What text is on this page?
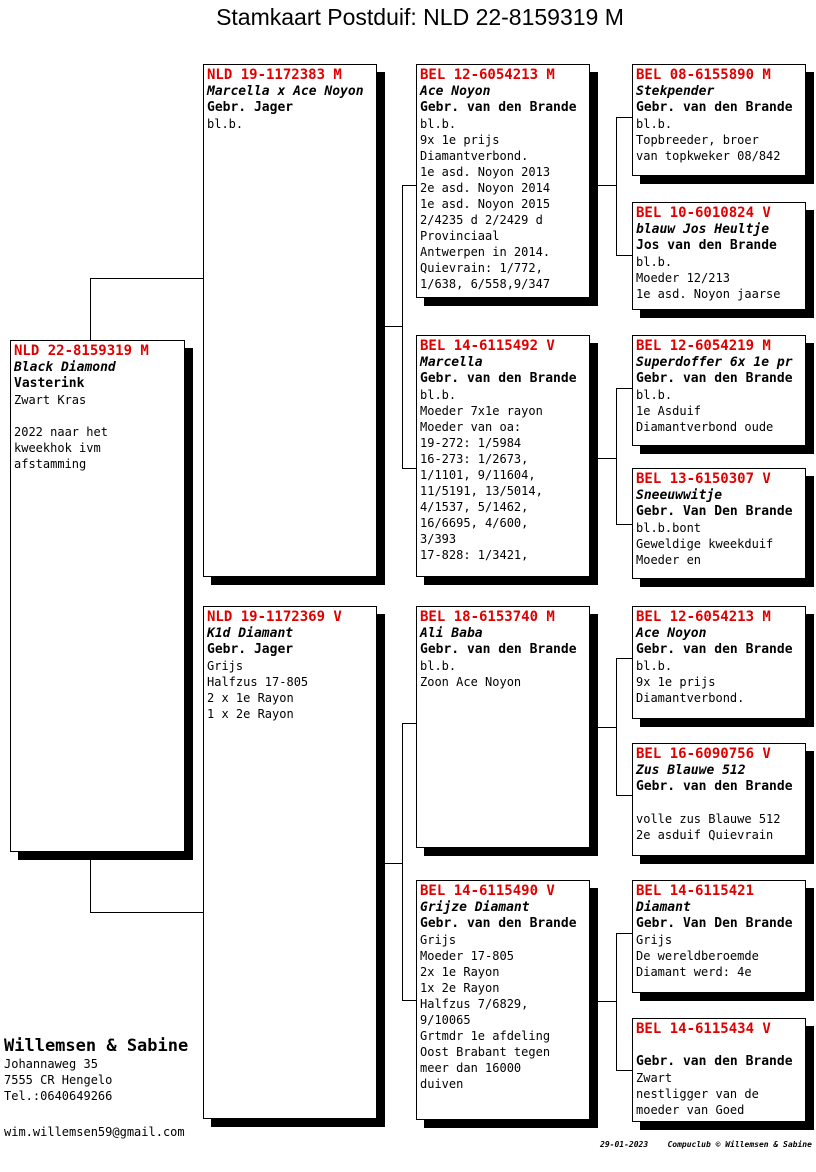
Stamkaart Postduif: NLD 22-8159319 M
NLD 22-8159319 M
Black Diamond
Vasterink
Zwart Kras

2022 naar het
kweekhok ivm
afstamming
NLD 19-1172383 M
Marcella x Ace Noyon
Gebr. Jager
bl.b.
NLD 19-1172369 V
K1d Diamant
Gebr. Jager
Grijs
Halfzus 17-805
2 x 1e Rayon
1 x 2e Rayon
BEL 12-6054213 M
Ace Noyon
Gebr. van den Brande
bl.b.
9x 1e prijs
Diamantverbond.
1e asd. Noyon 2013
2e asd. Noyon 2014
1e asd. Noyon 2015
2/4235 d 2/2429 d
Provinciaal
Antwerpen in 2014.
Quievrain: 1/772,
1/638, 6/558,9/347
BEL 14-6115492 V
Marcella
Gebr. van den Brande
bl.b.
Moeder 7x1e rayon
Moeder van oa:
19-272: 1/5984
16-273: 1/2673,
1/1101, 9/11604,
11/5191, 13/5014,
4/1537, 5/1462,
16/6695, 4/600,
3/393
17-828: 1/3421,
BEL 18-6153740 M
Ali Baba
Gebr. van den Brande
bl.b.
Zoon Ace Noyon
BEL 14-6115490 V
Grijze Diamant
Gebr. van den Brande
Grijs
Moeder 17-805
2x 1e Rayon
1x 2e Rayon
Halfzus 7/6829,
9/10065
Grtmdr 1e afdeling
Oost Brabant tegen
meer dan 16000
duiven
BEL 08-6155890 M
Stekpender
Gebr. van den Brande
bl.b.
Topbreeder, broer
van topkweker 08/842
BEL 10-6010824 V
blauw Jos Heultje
Jos van den Brande
bl.b.
Moeder 12/213
1e asd. Noyon jaarse
BEL 12-6054219 M
Superdoffer 6x 1e pr
Gebr. van den Brande
bl.b.
1e Asduif
Diamantverbond oude
BEL 13-6150307 V
Sneeuwwitje
Gebr. Van Den Brande
bl.b.bont
Geweldige kweekduif
Moeder en
BEL 12-6054213 M
Ace Noyon
Gebr. van den Brande
bl.b.
9x 1e prijs
Diamantverbond.
BEL 16-6090756 V
Zus Blauwe 512
Gebr. van den Brande

volle zus Blauwe 512
2e asduif Quievrain
BEL 14-6115421
Diamant
Gebr. Van Den Brande
Grijs
De wereldberoemde
Diamant werd: 4e
BEL 14-6115434 V

Gebr. van den Brande
Zwart
nestligger van de
moeder van Goed
Willemsen & Sabine
Johannaweg 35
7555 CR Hengelo
Tel.:0640649266
wim.willemsen59@gmail.com
29-01-2023 Compuclub © Willemsen & Sabine
